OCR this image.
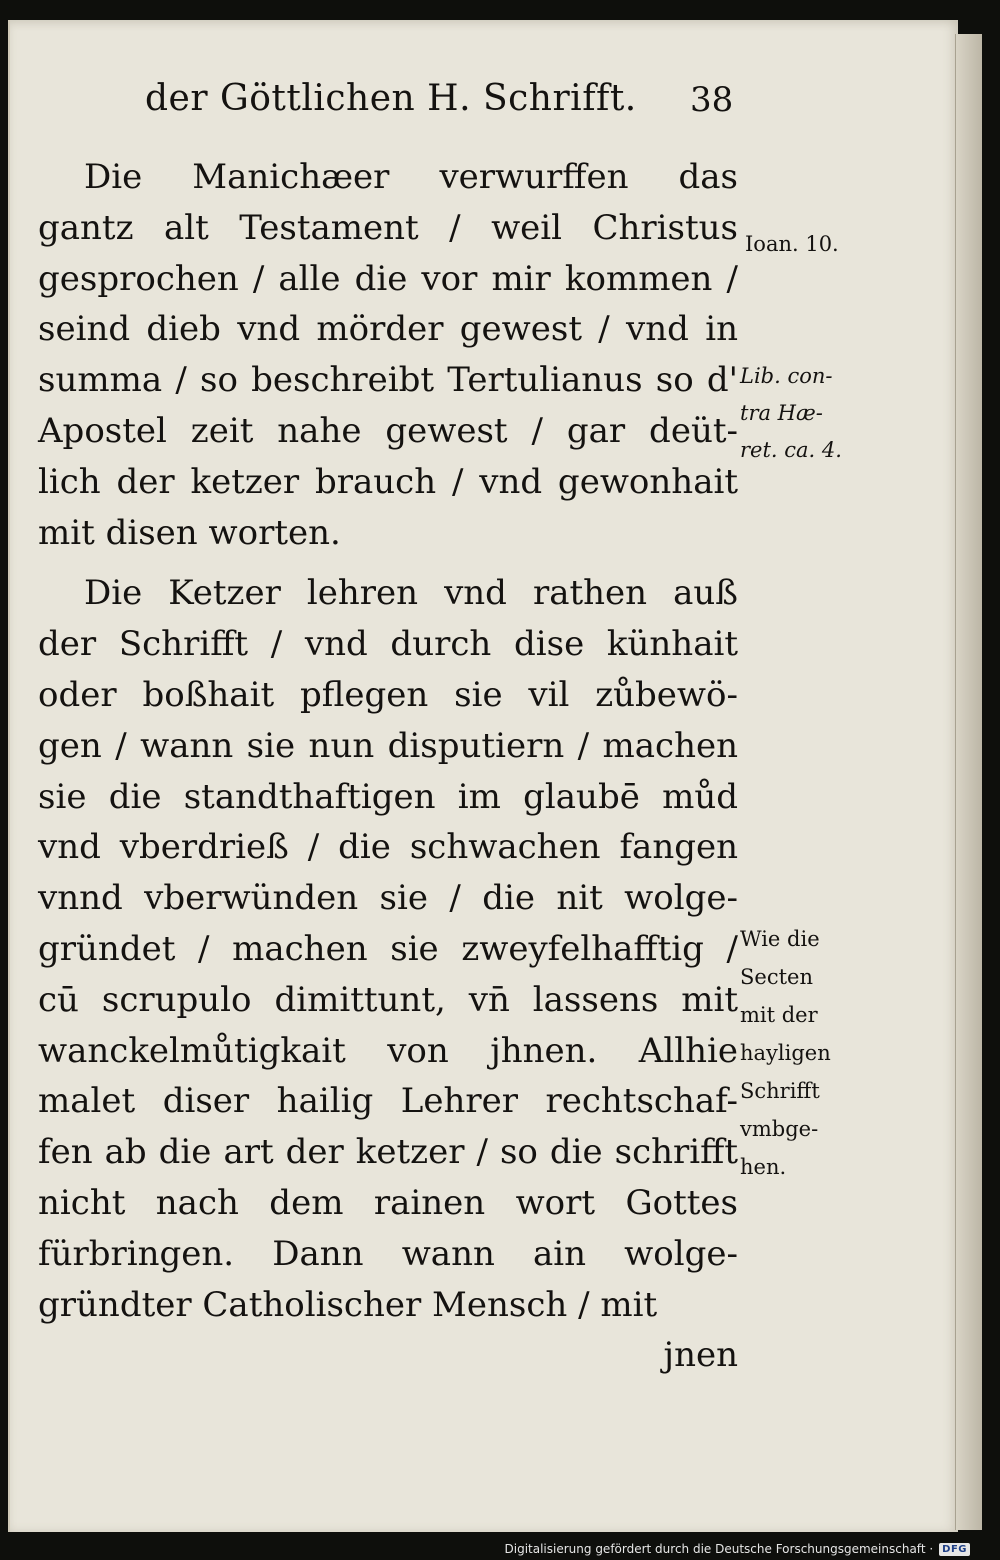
der Göttlichen H. Schrifft. 38
Die Manichæer verwurffen das
gantz alt Testament / weil Christus
gesprochen / alle die vor mir kommen /
seind dieb vnd mörder gewest / vnd in
summa / so beschreibt Tertulianus so d'
Apostel zeit nahe gewest / gar deüt-
lich der ketzer brauch / vnd gewonhait
mit disen worten.
Die Ketzer lehren vnd rathen auß
der Schrifft / vnd durch dise künhait
oder boßhait pflegen sie vil zůbewö-
gen / wann sie nun disputiern / machen
sie die standthaftigen im glaubē můd
vnd vberdrieß / die schwachen fangen
vnnd vberwünden sie / die nit wolge-
gründet / machen sie zweyfelhafftig /
cū scrupulo dimittunt, vn̄ lassens mit
wanckelmůtigkait von jhnen. Allhie
malet diser hailig Lehrer rechtschaf-
fen ab die art der ketzer / so die schrifft
nicht nach dem rainen wort Gottes
fürbringen. Dann wann ain wolge-
gründter Catholischer Mensch / mit
jnen
Ioan. 10.
Lib. con-
tra Hæ-
ret. ca. 4.
Wie die
Secten
mit der
hayligen
Schrifft
vmbge-
hen.
Digitalisierung gefördert durch die Deutsche Forschungsgemeinschaft · DFG
